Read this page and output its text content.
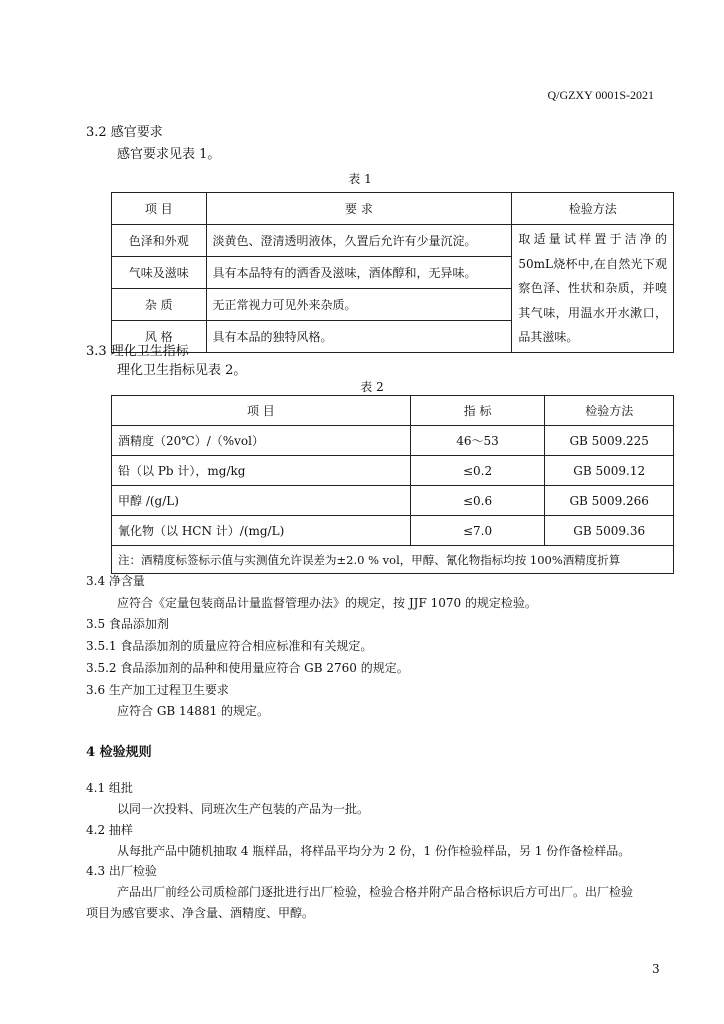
Q/GZXY 0001S-2021
3.2 感官要求
感官要求见表 1。
表 1
项 目	要 求	检验方法
色泽和外观	淡黄色、澄清透明液体，久置后允许有少量沉淀。	取适量试样置于洁净的50mL烧杯中,在自然光下观察色泽、性状和杂质，并嗅其气味，用温水开水漱口，品其滋味。
气味及滋味	具有本品特有的洒香及滋味，酒体醇和，无异味。	
杂 质	无正常视力可见外来杂质。	
风 格	具有本品的独特风格。	
3.3 理化卫生指标
理化卫生指标见表 2。
表 2
项 目	指 标	检验方法
酒精度（20℃）/（%vol）	46～53	GB 5009.225
铅（以 Pb 计），mg/kg	≤0.2	GB 5009.12
甲醇 /(g/L)	≤0.6	GB 5009.266
氰化物（以 HCN 计）/(mg/L)	≤7.0	GB 5009.36
注：酒精度标签标示值与实测值允许误差为±2.0 % vol，甲醇、氰化物指标均按 100%酒精度折算		
3.4 净含量
应符合《定量包装商品计量监督管理办法》的规定，按 JJF 1070 的规定检验。
3.5 食品添加剂
3.5.1 食品添加剂的质量应符合相应标准和有关规定。
3.5.2 食品添加剂的品种和使用量应符合 GB 2760 的规定。
3.6 生产加工过程卫生要求
应符合 GB 14881 的规定。
4 检验规则
4.1 组批
以同一次投料、同班次生产包装的产品为一批。
4.2 抽样
从每批产品中随机抽取 4 瓶样品，将样品平均分为 2 份，1 份作检验样品，另 1 份作备检样品。
4.3 出厂检验
产品出厂前经公司质检部门逐批进行出厂检验，检验合格并附产品合格标识后方可出厂。出厂检验
项目为感官要求、净含量、酒精度、甲醇。
3
